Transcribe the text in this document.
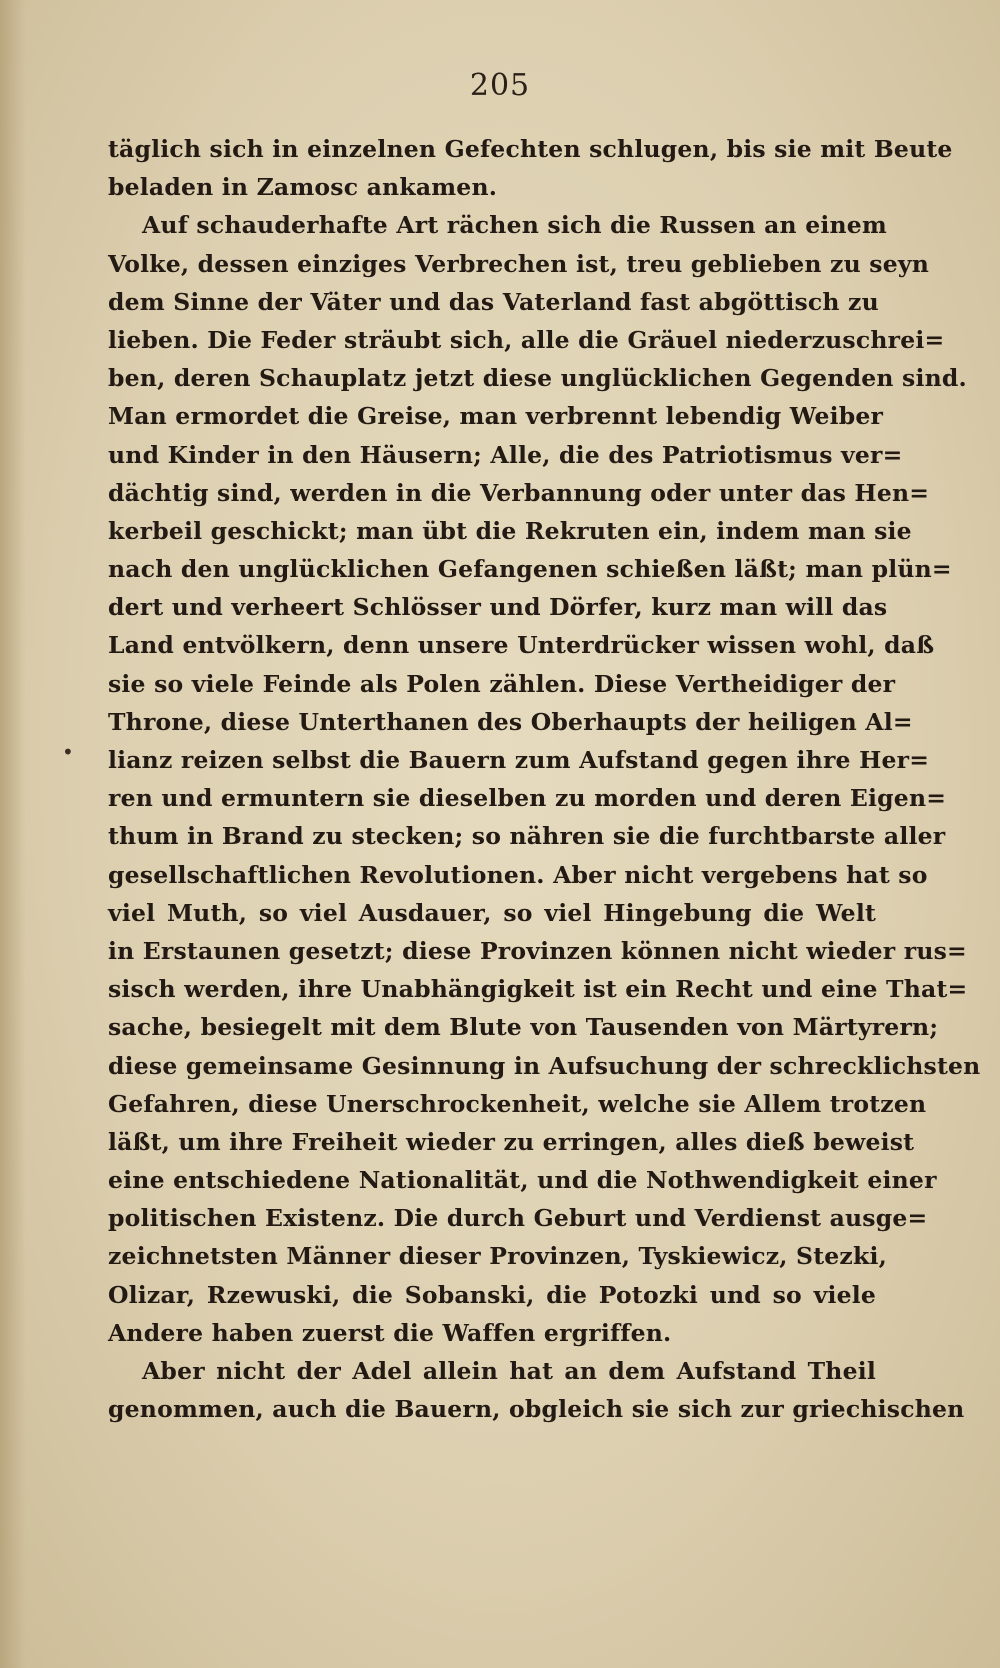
205
täglich sich in einzelnen Gefechten schlugen, bis sie mit Beute
beladen in Zamosc ankamen.
Auf schauderhafte Art rächen sich die Russen an einem
Volke, dessen einziges Verbrechen ist, treu geblieben zu seyn
dem Sinne der Väter und das Vaterland fast abgöttisch zu
lieben. Die Feder sträubt sich, alle die Gräuel niederzuschrei=
ben, deren Schauplatz jetzt diese unglücklichen Gegenden sind.
Man ermordet die Greise, man verbrennt lebendig Weiber
und Kinder in den Häusern; Alle, die des Patriotismus ver=
dächtig sind, werden in die Verbannung oder unter das Hen=
kerbeil geschickt; man übt die Rekruten ein, indem man sie
nach den unglücklichen Gefangenen schießen läßt; man plün=
dert und verheert Schlösser und Dörfer, kurz man will das
Land entvölkern, denn unsere Unterdrücker wissen wohl, daß
sie so viele Feinde als Polen zählen. Diese Vertheidiger der
Throne, diese Unterthanen des Oberhaupts der heiligen Al=
lianz reizen selbst die Bauern zum Aufstand gegen ihre Her=
ren und ermuntern sie dieselben zu morden und deren Eigen=
thum in Brand zu stecken; so nähren sie die furchtbarste aller
gesellschaftlichen Revolutionen. Aber nicht vergebens hat so
viel Muth, so viel Ausdauer, so viel Hingebung die Welt
in Erstaunen gesetzt; diese Provinzen können nicht wieder rus=
sisch werden, ihre Unabhängigkeit ist ein Recht und eine That=
sache, besiegelt mit dem Blute von Tausenden von Märtyrern;
diese gemeinsame Gesinnung in Aufsuchung der schrecklichsten
Gefahren, diese Unerschrockenheit, welche sie Allem trotzen
läßt, um ihre Freiheit wieder zu erringen, alles dieß beweist
eine entschiedene Nationalität, und die Nothwendigkeit einer
politischen Existenz. Die durch Geburt und Verdienst ausge=
zeichnetsten Männer dieser Provinzen, Tyskiewicz, Stezki,
Olizar, Rzewuski, die Sobanski, die Potozki und so viele
Andere haben zuerst die Waffen ergriffen.
Aber nicht der Adel allein hat an dem Aufstand Theil
genommen, auch die Bauern, obgleich sie sich zur griechischen
•
